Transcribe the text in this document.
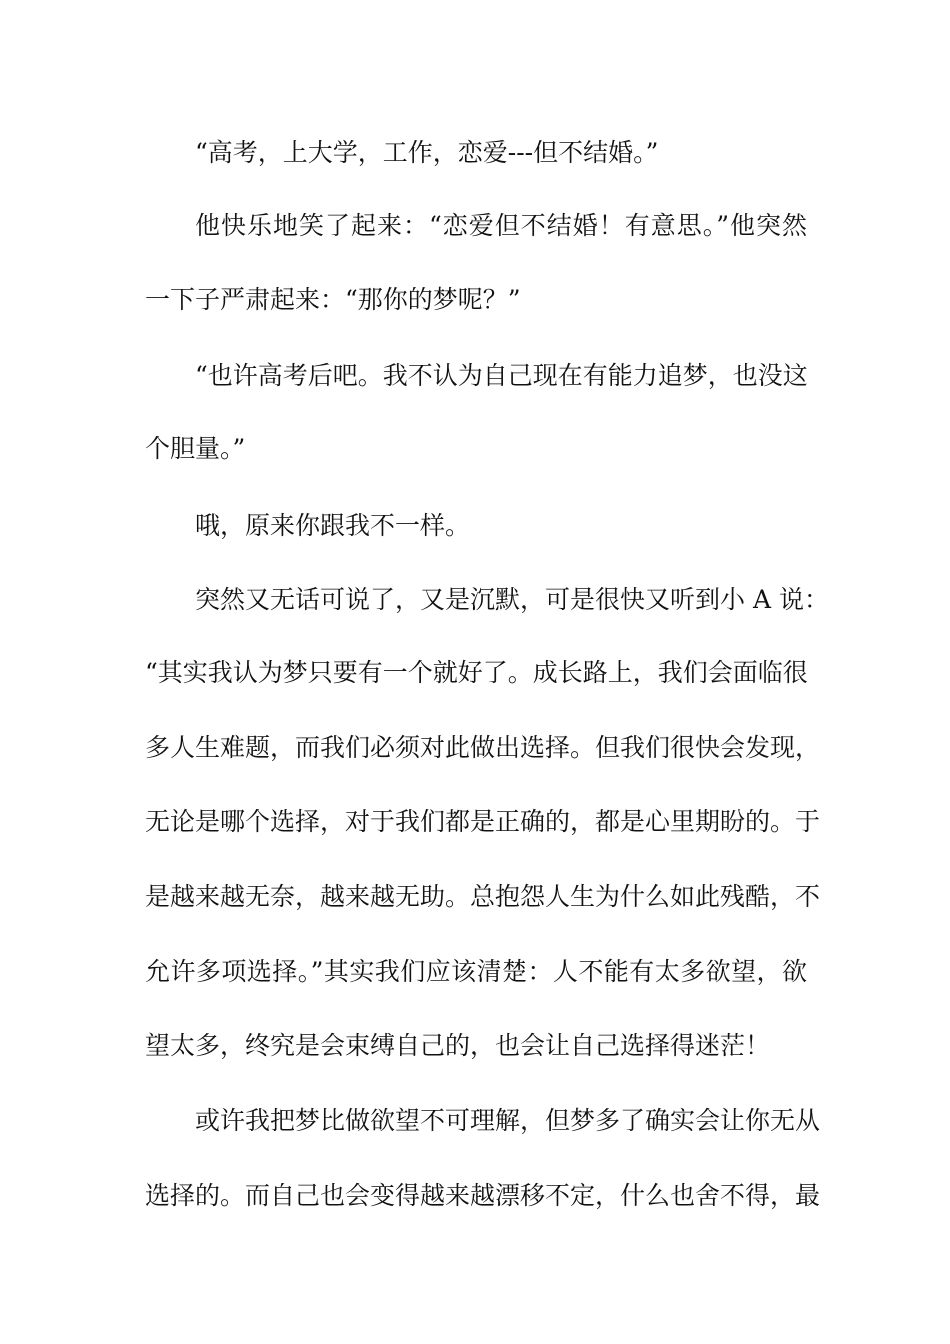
“高考，上大学，工作，恋爱---但不结婚。”
他快乐地笑了起来：“恋爱但不结婚！有意思。”他突然
一下子严肃起来：“那你的梦呢？”
“也许高考后吧。我不认为自己现在有能力追梦，也没这
个胆量。”
哦，原来你跟我不一样。
突然又无话可说了，又是沉默，可是很快又听到小 A 说：
“其实我认为梦只要有一个就好了。成长路上，我们会面临很
多人生难题，而我们必须对此做出选择。但我们很快会发现，
无论是哪个选择，对于我们都是正确的，都是心里期盼的。于
是越来越无奈，越来越无助。总抱怨人生为什么如此残酷，不
允许多项选择。”其实我们应该清楚：人不能有太多欲望，欲
望太多，终究是会束缚自己的，也会让自己选择得迷茫！
或许我把梦比做欲望不可理解，但梦多了确实会让你无从
选择的。而自己也会变得越来越漂移不定，什么也舍不得，最
